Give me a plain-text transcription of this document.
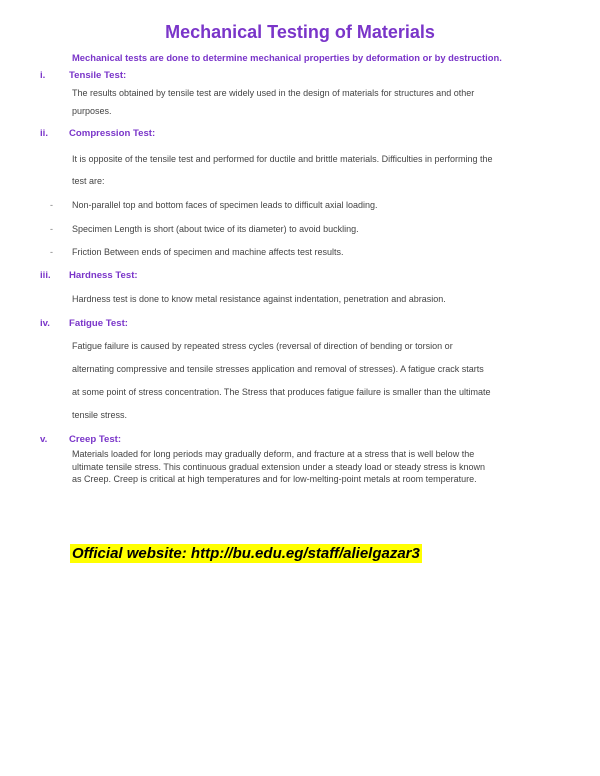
Mechanical Testing of Materials
Mechanical tests are done to determine mechanical properties by deformation or by destruction.
i. Tensile Test:
The results obtained by tensile test are widely used in the design of materials for structures and other
purposes.
ii. Compression Test:
It is opposite of the tensile test and performed for ductile and brittle materials. Difficulties in performing the
test are:
- Non-parallel top and bottom faces of specimen leads to difficult axial loading.
- Specimen Length is short (about twice of its diameter) to avoid buckling.
- Friction Between ends of specimen and machine affects test results.
iii. Hardness Test:
Hardness test is done to know metal resistance against indentation, penetration and abrasion.
iv. Fatigue Test:
Fatigue failure is caused by repeated stress cycles (reversal of direction of bending or torsion or
alternating compressive and tensile stresses application and removal of stresses). A fatigue crack starts
at some point of stress concentration. The Stress that produces fatigue failure is smaller than the ultimate
tensile stress.
v. Creep Test:
Materials loaded for long periods may gradually deform, and fracture at a stress that is well below the
ultimate tensile stress. This continuous gradual extension under a steady load or steady stress is known
as Creep. Creep is critical at high temperatures and for low-melting-point metals at room temperature.
Official website: http://bu.edu.eg/staff/alielgazar3
